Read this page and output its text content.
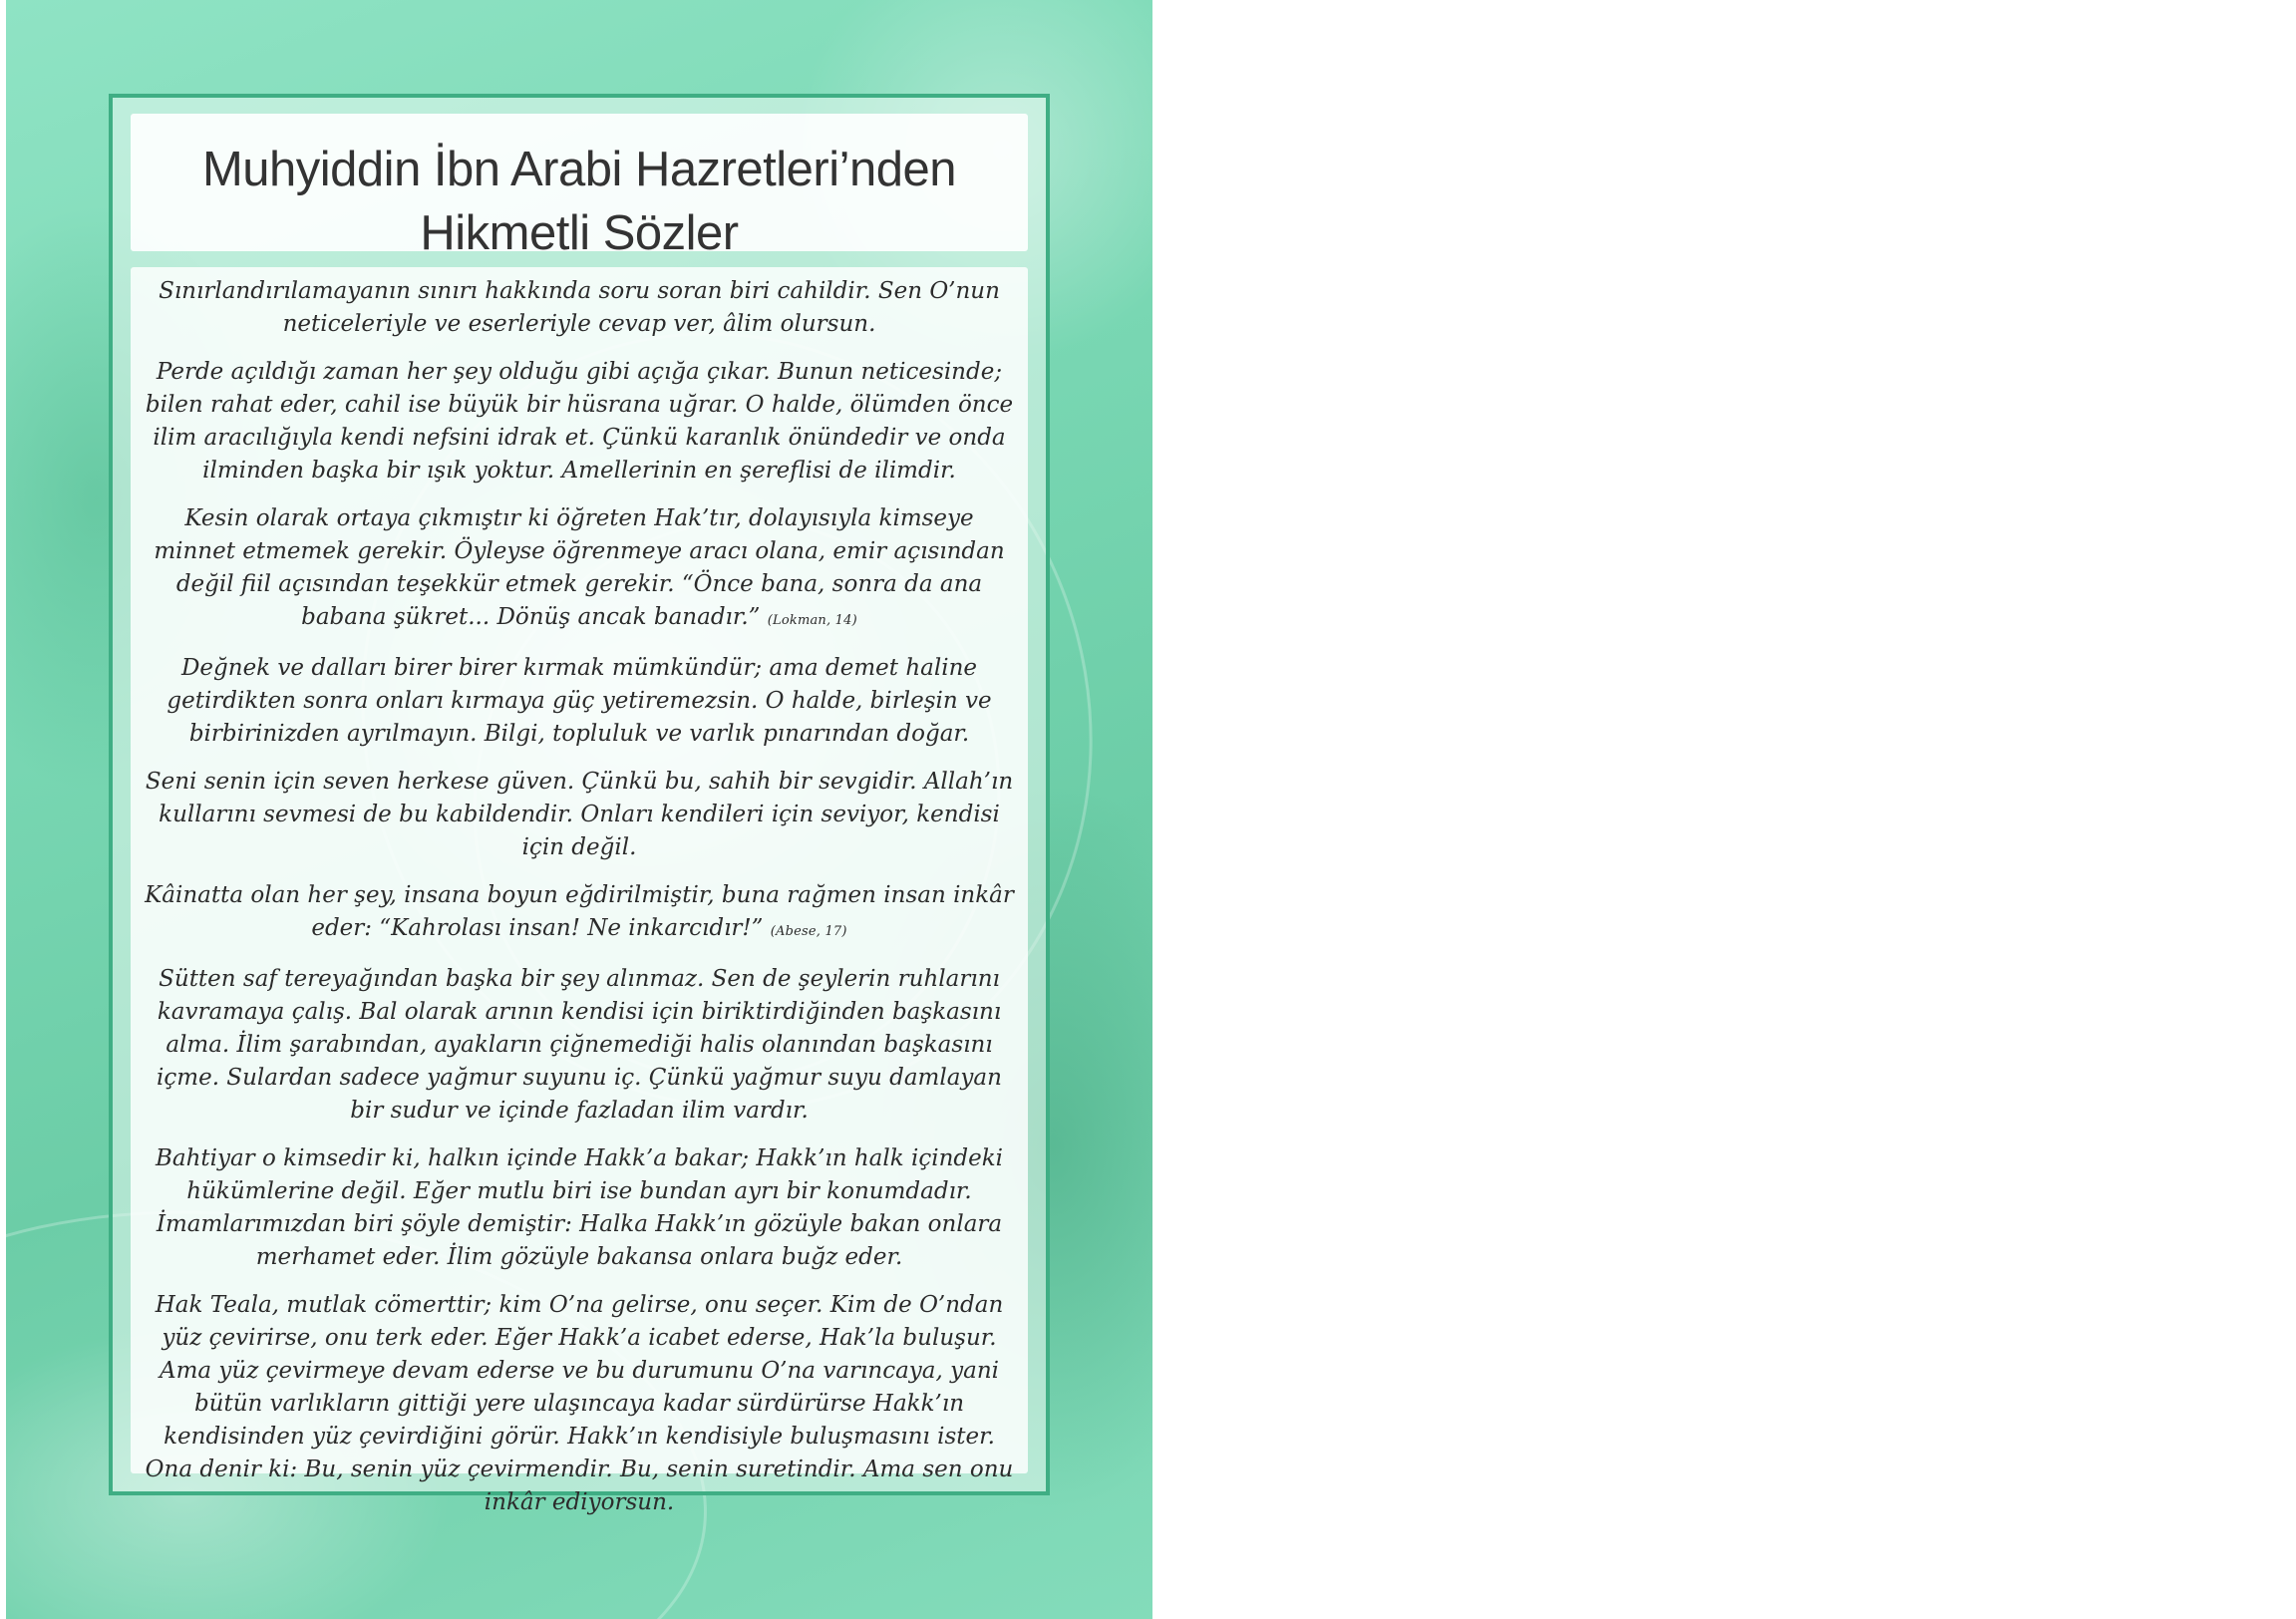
Muhyiddin İbn Arabi Hazretleri’nden
Hikmetli Sözler

Sınırlandırılamayanın sınırı hakkında soru soran biri cahildir. Sen O’nun neticeleriyle ve eserleriyle cevap ver, âlim olursun.

Perde açıldığı zaman her şey olduğu gibi açığa çıkar. Bunun neticesinde; bilen rahat eder, cahil ise büyük bir hüsrana uğrar. O halde, ölümden önce ilim aracılığıyla kendi nefsini idrak et. Çünkü karanlık önündedir ve onda ilminden başka bir ışık yoktur. Amellerinin en şereflisi de ilimdir.

Kesin olarak ortaya çıkmıştır ki öğreten Hak’tır, dolayısıyla kimseye minnet etmemek gerekir. Öyleyse öğrenmeye aracı olana, emir açısından değil fiil açısından teşekkür etmek gerekir. “Önce bana, sonra da ana babana şükret... Dönüş ancak banadır.” (Lokman, 14)

Değnek ve dalları birer birer kırmak mümkündür; ama demet haline getirdikten sonra onları kırmaya güç yetiremezsin. O halde, birleşin ve birbirinizden ayrılmayın. Bilgi, topluluk ve varlık pınarından doğar.

Seni senin için seven herkese güven. Çünkü bu, sahih bir sevgidir. Allah’ın kullarını sevmesi de bu kabildendir. Onları kendileri için seviyor, kendisi için değil.

Kâinatta olan her şey, insana boyun eğdirilmiştir, buna rağmen insan inkâr eder: “Kahrolası insan! Ne inkarcıdır!” (Abese, 17)

Sütten saf tereyağından başka bir şey alınmaz. Sen de şeylerin ruhlarını kavramaya çalış. Bal olarak arının kendisi için biriktirdiğinden başkasını alma. İlim şarabından, ayakların çiğnemediği halis olanından başkasını içme. Sulardan sadece yağmur suyunu iç. Çünkü yağmur suyu damlayan bir sudur ve içinde fazladan ilim vardır.

Bahtiyar o kimsedir ki, halkın içinde Hakk’a bakar; Hakk’ın halk içindeki hükümlerine değil. Eğer mutlu biri ise bundan ayrı bir konumdadır. İmamlarımızdan biri şöyle demiştir: Halka Hakk’ın gözüyle bakan onlara merhamet eder. İlim gözüyle bakansa onlara buğz eder.

Hak Teala, mutlak cömerttir; kim O’na gelirse, onu seçer. Kim de O’ndan yüz çevirirse, onu terk eder. Eğer Hakk’a icabet ederse, Hak’la buluşur. Ama yüz çevirmeye devam ederse ve bu durumunu O’na varıncaya, yani bütün varlıkların gittiği yere ulaşıncaya kadar sürdürürse Hakk’ın kendisinden yüz çevirdiğini görür. Hakk’ın kendisiyle buluşmasını ister. Ona denir ki: Bu, senin yüz çevirmendir. Bu, senin suretindir. Ama sen onu inkâr ediyorsun.
